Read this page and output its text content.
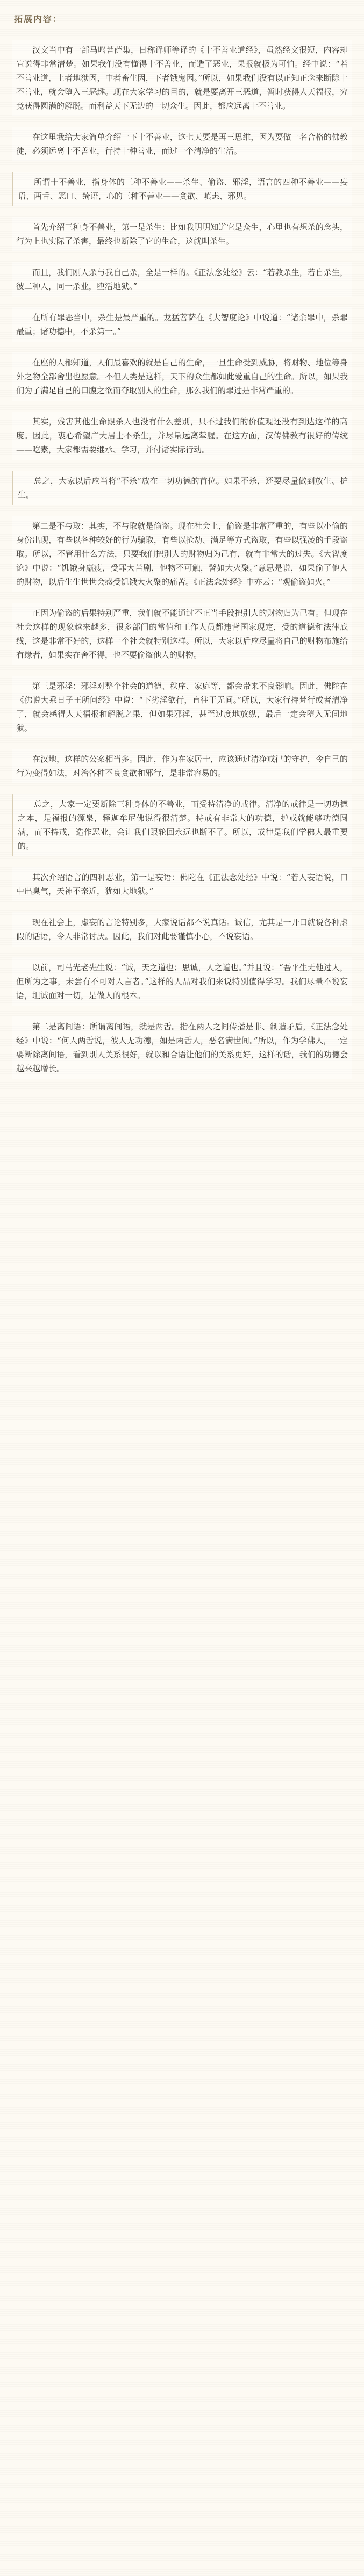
拓展内容：

汉文当中有一部马鸣菩萨集，日称译师等译的《十不善业道经》，虽然经文很短，内容却宣说得非常清楚。如果我们没有懂得十不善业，而造了恶业，果报就极为可怕。经中说：“若不善业道，上者地狱因，中者畜生因，下者饿鬼因。”所以，如果我们没有以正知正念来断除十不善业，就会堕入三恶趣。现在大家学习的目的，就是要离开三恶道，暂时获得人天福报，究竟获得圆满的解脱。而利益天下无边的一切众生。因此，都应远离十不善业。

在这里我给大家简单介绍一下十不善业，这七天要是再三思维，因为要做一名合格的佛教徒，必须远离十不善业，行持十种善业，而过一个清净的生活。

所谓十不善业，指身体的三种不善业——杀生、偷盗、邪淫，语言的四种不善业——妄语、两舌、恶口、绮语，心的三种不善业——贪欲、嗔恚、邪见。

首先介绍三种身不善业，第一是杀生：比如我明明知道它是众生，心里也有想杀的念头，行为上也实际了杀害，最终也断除了它的生命，这就叫杀生。

而且，我们刚人杀与我自己杀，全是一样的。《正法念处经》云：“若教杀生，若自杀生，彼二种人，同一杀业，堕活地狱。”

在所有罪恶当中，杀生是最严重的。龙猛菩萨在《大智度论》中说道：“诸余罪中，杀罪最重；诸功德中，不杀第一。”

在座的人都知道，人们最喜欢的就是自己的生命，一旦生命受到威胁，将财物、地位等身外之物全部舍出也愿意。不但人类是这样，天下的众生都如此爱重自己的生命。所以，如果我们为了满足自己的口腹之欲而夺取别人的生命，那么我们的罪过是非常严重的。

其实，残害其他生命跟杀人也没有什么差别，只不过我们的价值观还没有到达这样的高度。因此，衷心希望广大居士不杀生，并尽量远离荤腥。在这方面，汉传佛教有很好的传统——吃素，大家都需要继承、学习，并付诸实际行动。

总之，大家以后应当将“不杀”放在一切功德的首位。如果不杀，还要尽量做到放生、护生。

第二是不与取：其实，不与取就是偷盗。现在社会上，偷盗是非常严重的，有些以小偷的身份出现，有些以各种较好的行为骗取，有些以抢劫、满足等方式盗取，有些以强凌的手段盗取。所以，不管用什么方法，只要我们把别人的财物归为己有，就有非常大的过失。《大智度论》中说：“饥饿身羸瘦，受罪大苦剧，他物不可触，譬如大火聚。”意思是说，如果偷了他人的财物，以后生生世世会感受饥饿大火聚的痛苦。《正法念处经》中亦云：“观偷盗如火。”

正因为偷盗的后果特别严重，我们就不能通过不正当手段把别人的财物归为己有。但现在社会这样的现象越来越多，很多部门的常值和工作人员都违背国家现定，受的道德和法律底线，这是非常不好的，这样一个社会就特别这样。所以，大家以后应尽量将自己的财物布施给有缘者，如果实在舍不得，也不要偷盗他人的财物。

第三是邪淫：邪淫对整个社会的道德、秩序、家庭等，都会带来不良影响。因此，佛陀在《佛说大乘日子王所问经》中说：“下劣淫欲行，直往于无间。”所以，大家行持梵行或者清净了，就会感得人天福报和解脱之果，但如果邪淫，甚至过度地放纵，最后一定会堕入无间地狱。

在汉地，这样的公案相当多。因此，作为在家居士，应该通过清净戒律的守护，令自己的行为变得如法，对治各种不良贪欲和邪行，是非常容易的。

总之，大家一定要断除三种身体的不善业，而受持清净的戒律。清净的戒律是一切功德之本，是福报的源泉，释迦牟尼佛说得很清楚。持戒有非常大的功德，护戒就能够功德圆满，而不持戒，造作恶业，会让我们跟轮回永远也断不了。所以，戒律是我们学佛人最重要的。

其次介绍语言的四种恶业，第一是妄语：佛陀在《正法念处经》中说：“若人妄语说，口中出臭气，天神不亲近，犹如大地狱。”

现在社会上，虚妄的言论特别多，大家说话都不说真话。诚信，尤其是一开口就说各种虚假的话语，令人非常讨厌。因此，我们对此要谨慎小心，不说妄语。

以前，司马光老先生说：“诚，天之道也；思诚，人之道也。”并且说：“吾平生无他过人，但所为之事，未尝有不可对人言者。”这样的人品对我们来说特别值得学习。我们尽量不说妄语，坦诚面对一切，是做人的根本。

第二是离间语：所谓离间语，就是两舌。指在两人之间传播是非、制造矛盾，《正法念处经》中说：“何人两舌说，彼人无功德，如是两舌人，恶名满世间。”所以，作为学佛人，一定要断除离间语，看到别人关系很好，就以和合语让他们的关系更好，这样的话，我们的功德会越来越增长。
